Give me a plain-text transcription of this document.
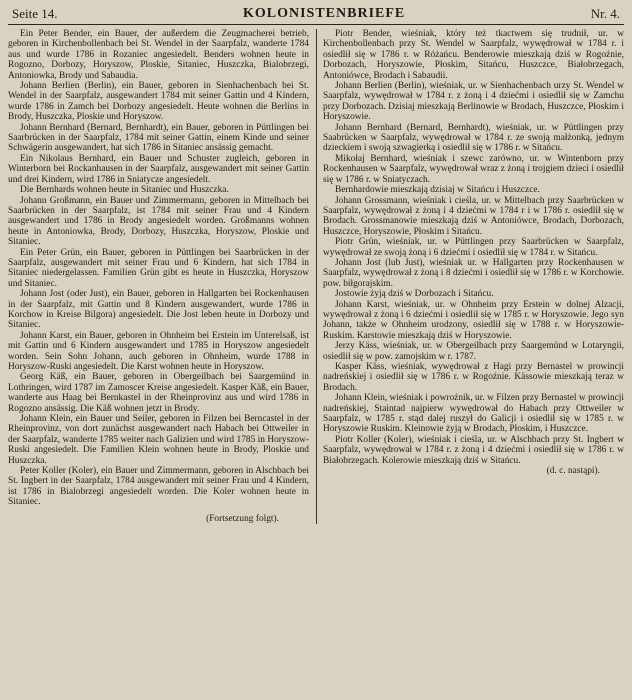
Seite 14.	KOLONISTENBRIEFE	Nr. 4.

Ein Peter Bender, ein Bauer, der außerdem die Zeugmacherei betrieb, geboren in Kirchenbollenbach bei St. Wendel in der Saarpfalz, wanderte 1784 aus und wurde 1786 in Rozaniec angesiedelt. Benders wohnen heute in Rogozno, Dorbozy, Horyszow, Ploskie, Sitaniec, Huszczka, Bialobrzegi, Antoniowka, Brody und Sabaudia.

Johann Berlien (Berlin), ein Bauer, geboren in Sienhachenbach bei St. Wendel in der Saarpfalz, ausgewandert 1784 mit seiner Gattin und 4 Kindern, wurde 1786 in Zamch bei Dorbozy angesiedelt. Heute wohnen die Berlins in Brody, Huszczka, Ploskie und Horyszow.

Johann Bernhard (Bernard, Bernhardt), ein Bauer, geboren in Püttlingen bei Saarbrücken in der Saarpfalz, 1784 mit seiner Gattin, einem Kinde und seiner Schwägerin ausgewandert, hat sich 1786 in Sitaniec ansässig gemacht.

Ein Nikolaus Bernhard, ein Bauer und Schuster zugleich, geboren in Winterborn bei Rockanhausen in der Saarpfalz, ausgewandert mit seiner Gattin und drei Kindern, wird 1786 in Sniatycze angesiedelt.

Die Bernhards wohnen heute in Sitaniec und Huszczka.

Johann Großmann, ein Bauer und Zimmermann, geboren in Mittelbach bei Saarbrücken in der Saarpfalz, ist 1784 mit seiner Frau und 4 Kindern ausgewandert und 1786 in Brody angesiedelt worden. Großmanns wohnen heute in Antoniowka, Brody, Dorbozy, Huszczka, Horyszow, Ploskie und Sitaniec.

Ein Peter Grün, ein Bauer, geboren in Püttlingen bei Saarbrücken in der Saarpfalz, ausgewandert mit seiner Frau und 6 Kindern, hat sich 1784 in Sitaniec niedergelassen. Familien Grün gibt es heute in Huszczka, Horyszow und Sitaniec.

Johann Jost (oder Just), ein Bauer, geboren in Hallgarten bei Rockenhausen in der Saarpfalz, mit Gattin und 8 Kindern ausgewandert, wurde 1786 in Korchow in Kreise Bilgora) angesiedelt. Die Jost leben heute in Dorbozy und Sitaniec.

Johann Karst, ein Bauer, geboren in Ohnheim bei Erstein im Unterelsaß, ist mit Gattin und 6 Kindern ausgewandert und 1785 in Horyszow angesiedelt worden. Sein Sohn Johann, auch geboren in Ohnheim, wurde 1788 in Horyszow-Ruski angesiedelt. Die Karst wohnen heute in Horyszow.

Georg Käß, ein Bauer, geboren in Obergeilbach bei Saargemünd in Lothringen, wird 1787 im Zamoscer Kreise angesiedelt. Kasper Käß, ein Bauer, wanderte aus Haag bei Bernkastel in der Rheinprovinz aus und wird 1786 in Rogozno ansässig. Die Käß wohnen jetzt in Brody.

Johann Klein, ein Bauer und Seiler, geboren in Filzen bei Berncastel in der Rheinprovinz, von dort zunächst ausgewandert nach Habach bei Ottweiler in der Saarpfalz, wanderte 1785 weiter nach Galizien und wird 1785 in Horyszow-Ruski angesiedelt. Die Familien Klein wohnen heute in Brody, Ploskie und Huszczka.

Peter Koller (Koler), ein Bauer und Zimmermann, geboren in Alschbach bei St. Ingbert in der Saarpfalz, 1784 ausgewandert mit seiner Frau und 4 Kindern, ist 1786 in Bialobrzegi angesiedelt worden. Die Koler wohnen heute in Sitaniec.

(Fortsetzung folgt).

Piotr Bender, wieśniak, który też tkactwem się trudnił, ur. w Kirchenbollenbach przy St. Wendel w Saarpfalz, wywędrował w 1784 r. i osiedlił się w 1786 r. w Różańcu. Benderowie mieszkają dziś w Rogoźnie, Dorbozach, Horyszowie, Płoskim, Sitańcu, Huszczce, Białobrzegach, Antoniówce, Brodach i Sabaudii.

Johann Berlien (Berlin), wieśniak, ur. w Sienhachenbach urzy St. Wendel w Saarpfalz, wywędrował w 1784 r. z żoną i 4 dziećmi i osiedlił się w Zamchu przy Dorbozach. Dzisiaj mieszkają Berlinowie w Brodach, Huszczce, Płoskim i Horyszowie.

Johann Bernhard (Bernard, Bernhardt), wieśniak, ur. w Püttlingen przy Saabrücken w Saarpfalz, wywędrował w 1784 r. ze swoją małżonką, jednym dzieckiem i swoją szwagierką i osiedlił się w 1786 r. w Sitańcu.

Mikołaj Bernhard, wieśniak i szewc zarówno, ur. w Wintenborn przy Rockenhausen w Saarpfalz, wywędrował wraz z żoną i trojgiem dzieci i osiedlił się w 1786 r. w Sniatyczach.

Bernhardowie mieszkają dzisiaj w Sitańcu i Huszczce.

Johann Grossmann, wieśniak i cieśla, ur. w Mittelbach przy Saarbrücken w Saarpfalz, wywędrował z żoną i 4 dziećmi w 1784 r i w 1786 r. osiedlił się w Brodach. Grossmanowie mieszkają dziś w Antoniówce, Brodach, Dorbozach, Huszczce, Horyszowie, Płoskim i Sitańcu.

Piotr Grün, wieśniak, ur. w Püttlingen przy Saarbrücken w Saarpfalz, wywędrował ze swoją żoną i 6 dziećmi i osiedlił się w 1784 r. w Sitańcu.

Johann Jost (lub Just), wieśniak ur. w Hallgarten przy Rockenhausen w Saarpfalz, wywędrował z żoną i 8 dziećmi i osiedlił się w 1786 r. w Korchowie. pow. biłgorajskim.

Jostowie żyją dziś w Dorbozach i Sitańcu.

Johann Karst, wieśniak, ur. w Ohnheim przy Erstein w dolnej Alzacji, wywędrował z żoną i 6 dziećmi i osiedlił się w 1785 r. w Horyszowie. Jego syn Johann, także w Ohnheim urodzony, osiedlił się w 1788 r. w Horyszowie-Ruskim. Karstowie mieszkają dziś w Horyszowie.

Jerzy Käss, wieśniak, ur. w Obergeilbach przy Saargemünd w Lotaryngii, osiedlił się w pow. zamojskim w r. 1787.

Kasper Käss, wieśniak, wywędrował z Hagi przy Bernastel w prowincji nadreńskiej i osiedlił się w 1786 r. w Rogoźnie. Kässowie mieszkają teraz w Brodach.

Johann Klein, wieśniak i powroźnik, ur. w Filzen przy Bernastel w prowincji nadreńskiej, Staintad najpierw wywędrował do Habach przy Ottweiler w Saarpfalz, w 1785 r. stąd dalej ruszył do Galicji i osiedlił się w 1785 r. w Horyszowie Ruskim. Kleinowie żyją w Brodach, Płoskim, i Huszczce.

Piotr Koller (Koler), wieśniak i cieśla, ur. w Alschbach przy St. Ingbert w Saarpfalz, wywędrował w 1784 r. z żoną i 4 dziećmi i osiedlił się w 1786 r. w Białobrzegach. Kolerowie mieszkają dziś w Sitańcu.

(d. c. nastąpi).
